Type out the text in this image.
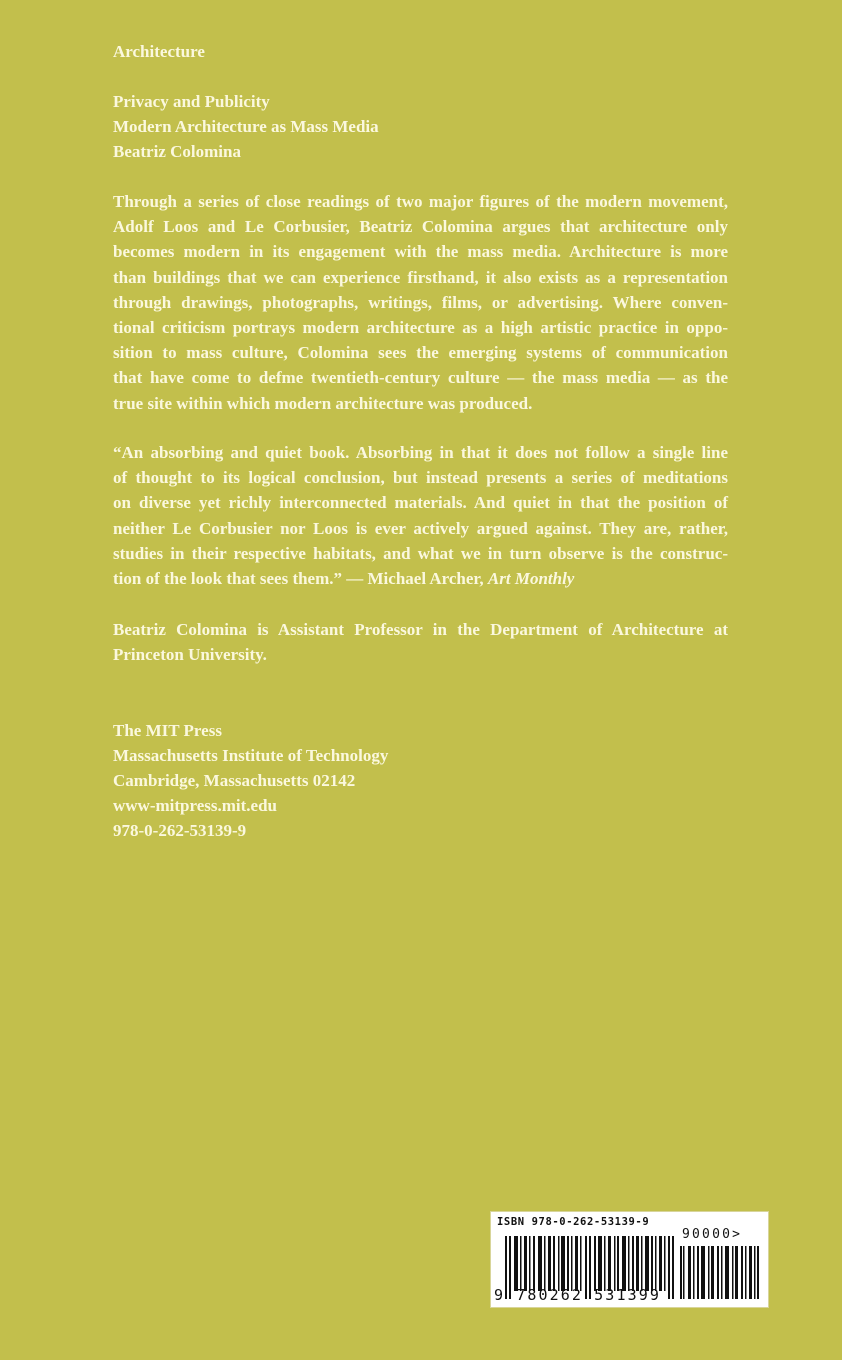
Architecture
Privacy and Publicity
Modern Architecture as Mass Media
Beatriz Colomina
Through a series of close readings of two major figures of the modern movement,
Adolf Loos and Le Corbusier, Beatriz Colomina argues that architecture only
becomes modern in its engagement with the mass media. Architecture is more
than buildings that we can experience firsthand, it also exists as a representation
through drawings, photographs, writings, films, or advertising. Where conven-
tional criticism portrays modern architecture as a high artistic practice in oppo-
sition to mass culture, Colomina sees the emerging systems of communication
that have come to defme twentieth-century culture — the mass media — as the
true site within which modern architecture was produced.
“An absorbing and quiet book. Absorbing in that it does not follow a single line
of thought to its logical conclusion, but instead presents a series of meditations
on diverse yet richly interconnected materials. And quiet in that the position of
neither Le Corbusier nor Loos is ever actively argued against. They are, rather,
studies in their respective habitats, and what we in turn observe is the construc-
tion of the look that sees them.” — Michael Archer, Art Monthly
Beatriz Colomina is Assistant Professor in the Department of Architecture at
Princeton University.
The MIT Press
Massachusetts Institute of Technology
Cambridge, Massachusetts 02142
www-mitpress.mit.edu
978-0-262-53139-9
ISBN 978-0-262-53139-9
90000>
9 780262 531399
